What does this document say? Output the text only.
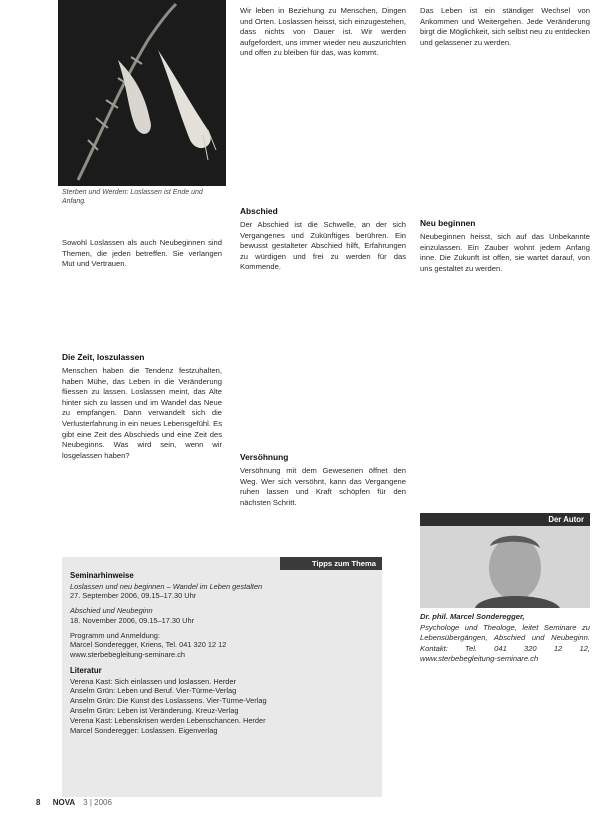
Sterben und Werden: Loslassen ist Ende und Anfang.

Sowohl Loslassen als auch Neubeginnen sind Themen, die jeden betreffen. Sie verlangen Mut und Vertrauen.

Die Zeit, loszulassen

Menschen haben die Tendenz festzuhalten, haben Mühe, das Leben in die Veränderung fliessen zu lassen. Loslassen meint, das Alte hinter sich zu lassen und im Wandel das Neue zu empfangen. Dann verwandelt sich die Verlusterfahrung in ein neues Lebensgefühl. Es gibt eine Zeit des Abschieds und eine Zeit des Neubeginns. Was wird sein, wenn wir losgelassen haben?

Wir leben in Beziehung zu Menschen, Dingen und Orten. Loslassen heisst, sich einzugestehen, dass nichts von Dauer ist. Wir werden aufgefordert, uns immer wieder neu auszurichten und offen zu bleiben für das, was kommt.

Abschied

Der Abschied ist die Schwelle, an der sich Vergangenes und Zukünftiges berühren. Ein bewusst gestalteter Abschied hilft, Erfahrungen zu würdigen und frei zu werden für das Kommende.

Versöhnung

Versöhnung mit dem Gewesenen öffnet den Weg. Wer sich versöhnt, kann das Vergangene ruhen lassen und Kraft schöpfen für den nächsten Schritt.

Das Leben ist ein ständiger Wechsel von Ankommen und Weitergehen. Jede Veränderung birgt die Möglichkeit, sich selbst neu zu entdecken und gelassener zu werden.

Neu beginnen

Neubeginnen heisst, sich auf das Unbekannte einzulassen. Ein Zauber wohnt jedem Anfang inne. Die Zukunft ist offen, sie wartet darauf, von uns gestaltet zu werden.

Tipps zum Thema

Seminarhinweise

Loslassen und neu beginnen – Wandel im Leben gestalten

27. September 2006, 09.15–17.30 Uhr

Abschied und Neubeginn

18. November 2006, 09.15–17.30 Uhr

Programm und Anmeldung:

Marcel Sonderegger, Kriens, Tel. 041 320 12 12

www.sterbebegleitung-seminare.ch

Literatur

Verena Kast: Sich einlassen und loslassen. Herder

Anselm Grün: Leben und Beruf. Vier-Türme-Verlag

Anselm Grün: Die Kunst des Loslassens. Vier-Türme-Verlag

Anselm Grün: Leben ist Veränderung. Kreuz-Verlag

Verena Kast: Lebenskrisen werden Lebenschancen. Herder

Marcel Sonderegger: Loslassen. Eigenverlag

Der Autor

Dr. phil. Marcel Sonderegger,

Psychologe und Theologe, leitet Seminare zu Lebensübergängen, Abschied und Neubeginn. Kontakt: Tel. 041 320 12 12, www.sterbebegleitung-seminare.ch

8 NOVA 3 | 2006
